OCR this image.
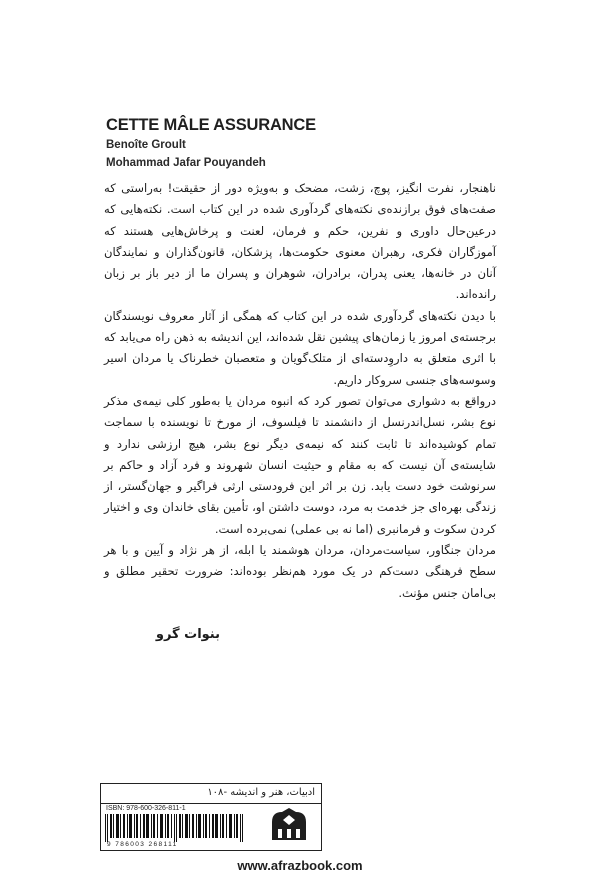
CETTE MÂLE ASSURANCE
Benoîte Groult
Mohammad Jafar Pouyandeh

ناهنجار، نفرت انگیز، پوچ، زشت، مضحک و به‌ویژه دور از حقیقت! به‌راستی که صفت‌های فوق برازنده‌ی نکته‌های گردآوری شده در این کتاب است. نکته‌هایی که درعین‌حال داوری و نفرین، حکم و فرمان، لعنت و پرخاش‌هایی هستند که آموزگاران فکری، رهبران معنوی حکومت‌ها، پزشکان، قانون‌گذاران و نمایندگان آنان در خانه‌ها، یعنی پدران، برادران، شوهران و پسران ما از دیر باز بر زبان رانده‌اند.

با دیدن نکته‌های گردآوری شده در این کتاب که همگی از آثار معروف نویسندگان برجسته‌ی امروز یا زمان‌های پیشین نقل شده‌اند، این اندیشه به ذهن راه می‌یابد که با اثری متعلق به داروِدسته‌ای از متلک‌گویان و متعصبان خطرناک یا مردان اسیر وسوسه‌های جنسی سروکار داریم.

درواقع به دشواری می‌توان تصور کرد که انبوه مردان یا به‌طور کلی نیمه‌ی مذکر نوع بشر، نسل‌اندرنسل از دانشمند تا فیلسوف، از مورخ تا نویسنده با سماجت تمام کوشیده‌اند تا ثابت کنند که نیمه‌ی دیگر نوع بشر، هیچ ارزشی ندارد و شایسته‌ی آن نیست که به مقام و حیثیت انسان شهروند و فرد آزاد و حاکم بر سرنوشت خود دست یابد. زن بر اثر این فرودستی ارثی فراگیر و جهان‌گستر، از زندگی بهره‌ای جز خدمت به مرد، دوست داشتن او، تأمین بقای خاندان وی و اختیار کردن سکوت و فرمانبری (اما نه بی عملی) نمی‌برده است.

مردان جنگاور، سیاست‌مردان، مردان هوشمند یا ابله، از هر نژاد و آیین و با هر سطح فرهنگی دست‌کم در یک مورد هم‌نظر بوده‌اند: ضرورت تحقیر مطلق و بی‌امان جنس مؤنث.

بنوات گرو
ادبیات، هنر و اندیشه -۱۰۸
ISBN: 978-600-326-811-1
9 786003 268111
www.afrazbook.com
